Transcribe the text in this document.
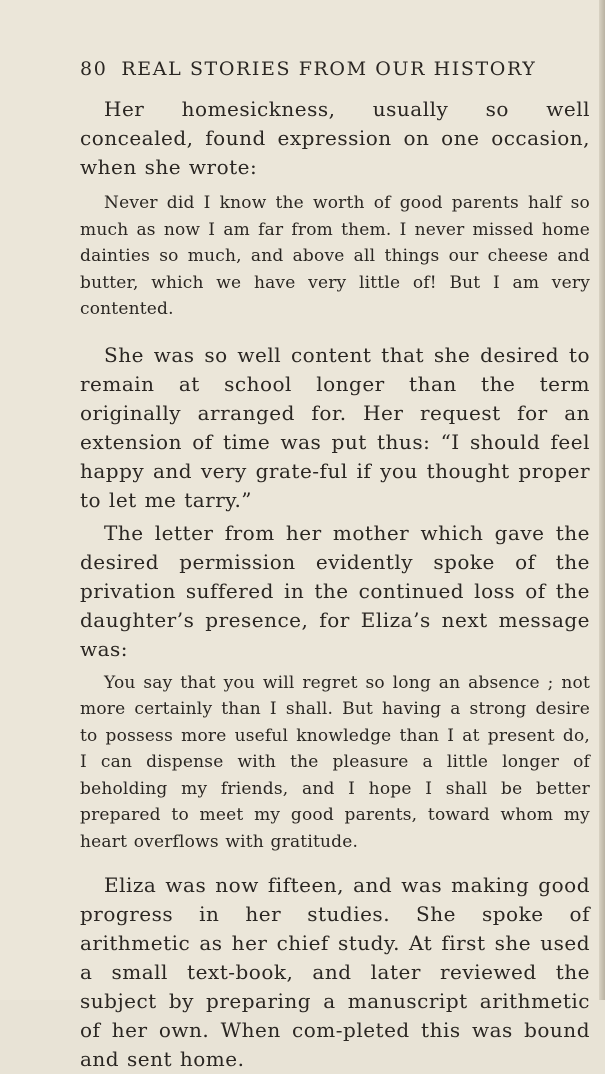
80 REAL STORIES FROM OUR HISTORY

Her homesickness, usually so well concealed, found expression on one occasion, when she wrote:

Never did I know the worth of good parents half so much as now I am far from them. I never missed home dainties so much, and above all things our cheese and butter, which we have very little of! But I am very contented.

She was so well content that she desired to remain at school longer than the term originally arranged for. Her request for an extension of time was put thus: “I should feel happy and very grate-ful if you thought proper to let me tarry.”

The letter from her mother which gave the desired permission evidently spoke of the privation suffered in the continued loss of the daughter’s presence, for Eliza’s next message was:

You say that you will regret so long an absence ; not more certainly than I shall. But having a strong desire to possess more useful knowledge than I at present do, I can dispense with the pleasure a little longer of beholding my friends, and I hope I shall be better prepared to meet my good parents, toward whom my heart overflows with gratitude.

Eliza was now fifteen, and was making good progress in her studies. She spoke of arithmetic as her chief study. At first she used a small text-book, and later reviewed the subject by preparing a manuscript arithmetic of her own. When com-pleted this was bound and sent home.
